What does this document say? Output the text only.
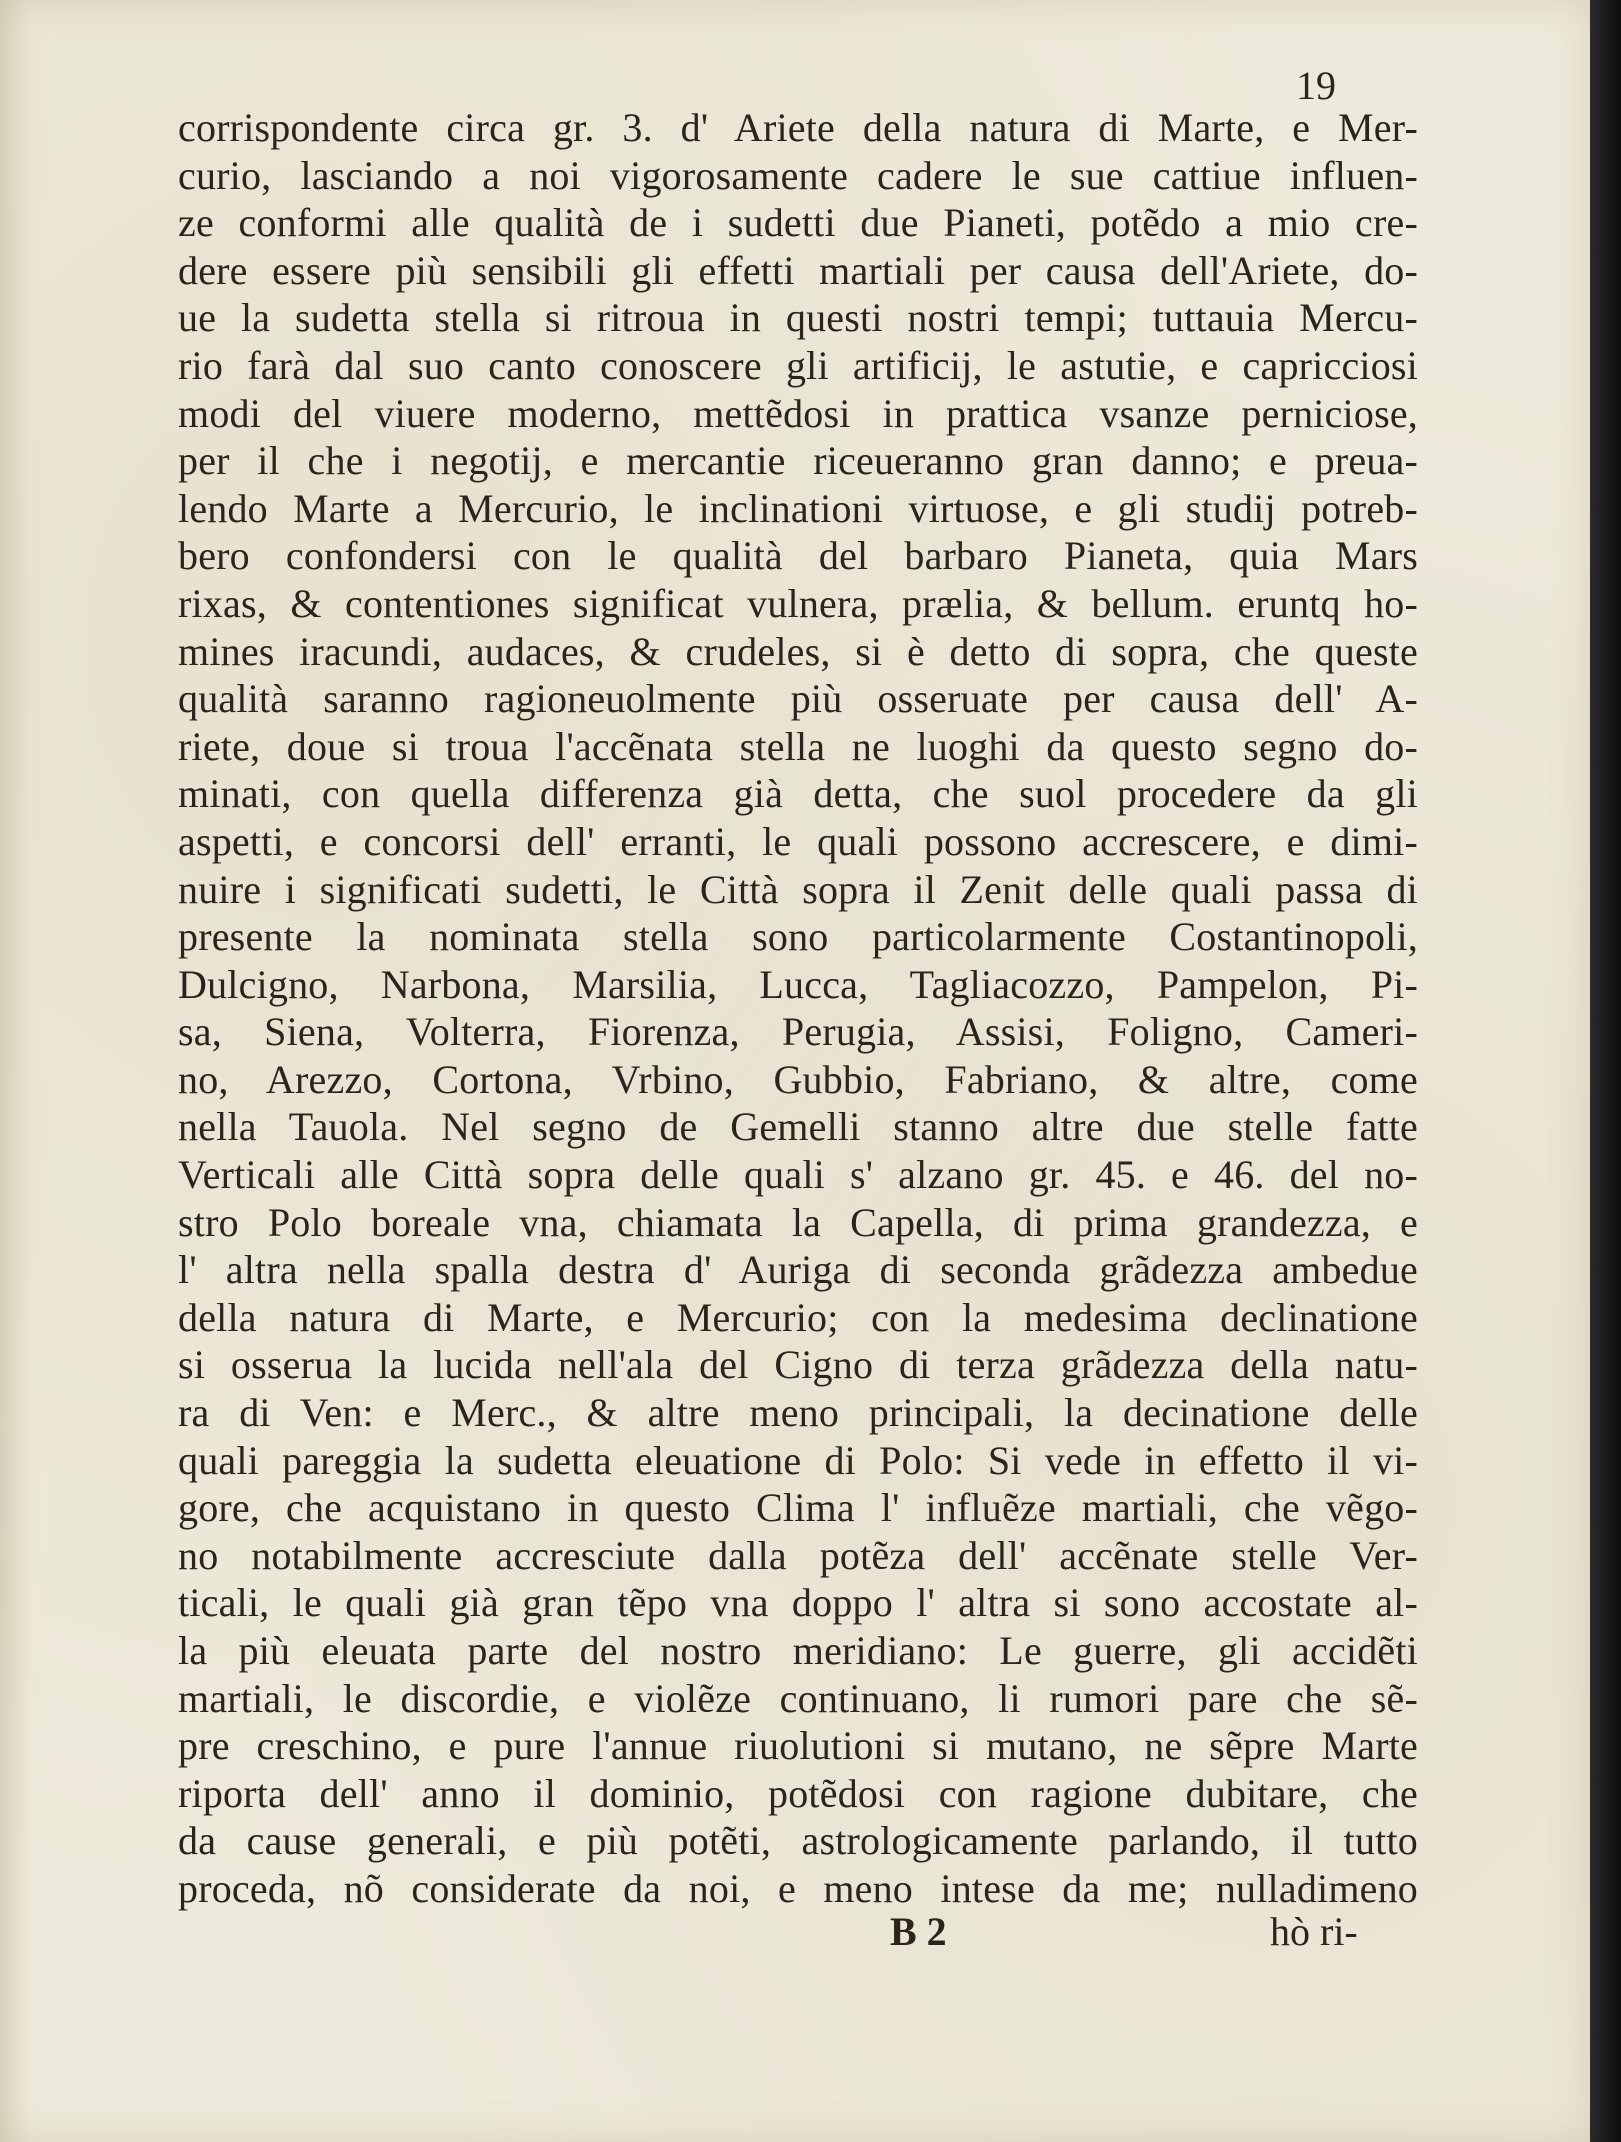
19
corrispondente circa gr. 3. d' Ariete della natura di Marte, e Mer-
curio, lasciando a noi vigorosamente cadere le sue cattiue influen-
ze conformi alle qualità de i sudetti due Pianeti, potẽdo a mio cre-
dere essere più sensibili gli effetti martiali per causa dell'Ariete, do-
ue la sudetta stella si ritroua in questi nostri tempi; tuttauia Mercu-
rio farà dal suo canto conoscere gli artificij, le astutie, e capricciosi
modi del viuere moderno, mettẽdosi in prattica vsanze perniciose,
per il che i negotij, e mercantie riceueranno gran danno; e preua-
lendo Marte a Mercurio, le inclinationi virtuose, e gli studij potreb-
bero confondersi con le qualità del barbaro Pianeta, quia Mars
rixas, & contentiones significat vulnera, prælia, & bellum. eruntq ho-
mines iracundi, audaces, & crudeles, si è detto di sopra, che queste
qualità saranno ragioneuolmente più osseruate per causa dell' A-
riete, doue si troua l'accẽnata stella ne luoghi da questo segno do-
minati, con quella differenza già detta, che suol procedere da gli
aspetti, e concorsi dell' erranti, le quali possono accrescere, e dimi-
nuire i significati sudetti, le Città sopra il Zenit delle quali passa di
presente la nominata stella sono particolarmente Costantinopoli,
Dulcigno, Narbona, Marsilia, Lucca, Tagliacozzo, Pampelon, Pi-
sa, Siena, Volterra, Fiorenza, Perugia, Assisi, Foligno, Cameri-
no, Arezzo, Cortona, Vrbino, Gubbio, Fabriano, & altre, come
nella Tauola. Nel segno de Gemelli stanno altre due stelle fatte
Verticali alle Città sopra delle quali s' alzano gr. 45. e 46. del no-
stro Polo boreale vna, chiamata la Capella, di prima grandezza, e
l' altra nella spalla destra d' Auriga di seconda grãdezza ambedue
della natura di Marte, e Mercurio; con la medesima declinatione
si osserua la lucida nell'ala del Cigno di terza grãdezza della natu-
ra di Ven: e Merc., & altre meno principali, la decinatione delle
quali pareggia la sudetta eleuatione di Polo: Si vede in effetto il vi-
gore, che acquistano in questo Clima l' influẽze martiali, che vẽgo-
no notabilmente accresciute dalla potẽza dell' accẽnate stelle Ver-
ticali, le quali già gran tẽpo vna doppo l' altra si sono accostate al-
la più eleuata parte del nostro meridiano: Le guerre, gli accidẽti
martiali, le discordie, e violẽze continuano, li rumori pare che sẽ-
pre creschino, e pure l'annue riuolutioni si mutano, ne sẽpre Marte
riporta dell' anno il dominio, potẽdosi con ragione dubitare, che
da cause generali, e più potẽti, astrologicamente parlando, il tutto
proceda, nõ considerate da noi, e meno intese da me; nulladimeno
B 2	hò ri-
